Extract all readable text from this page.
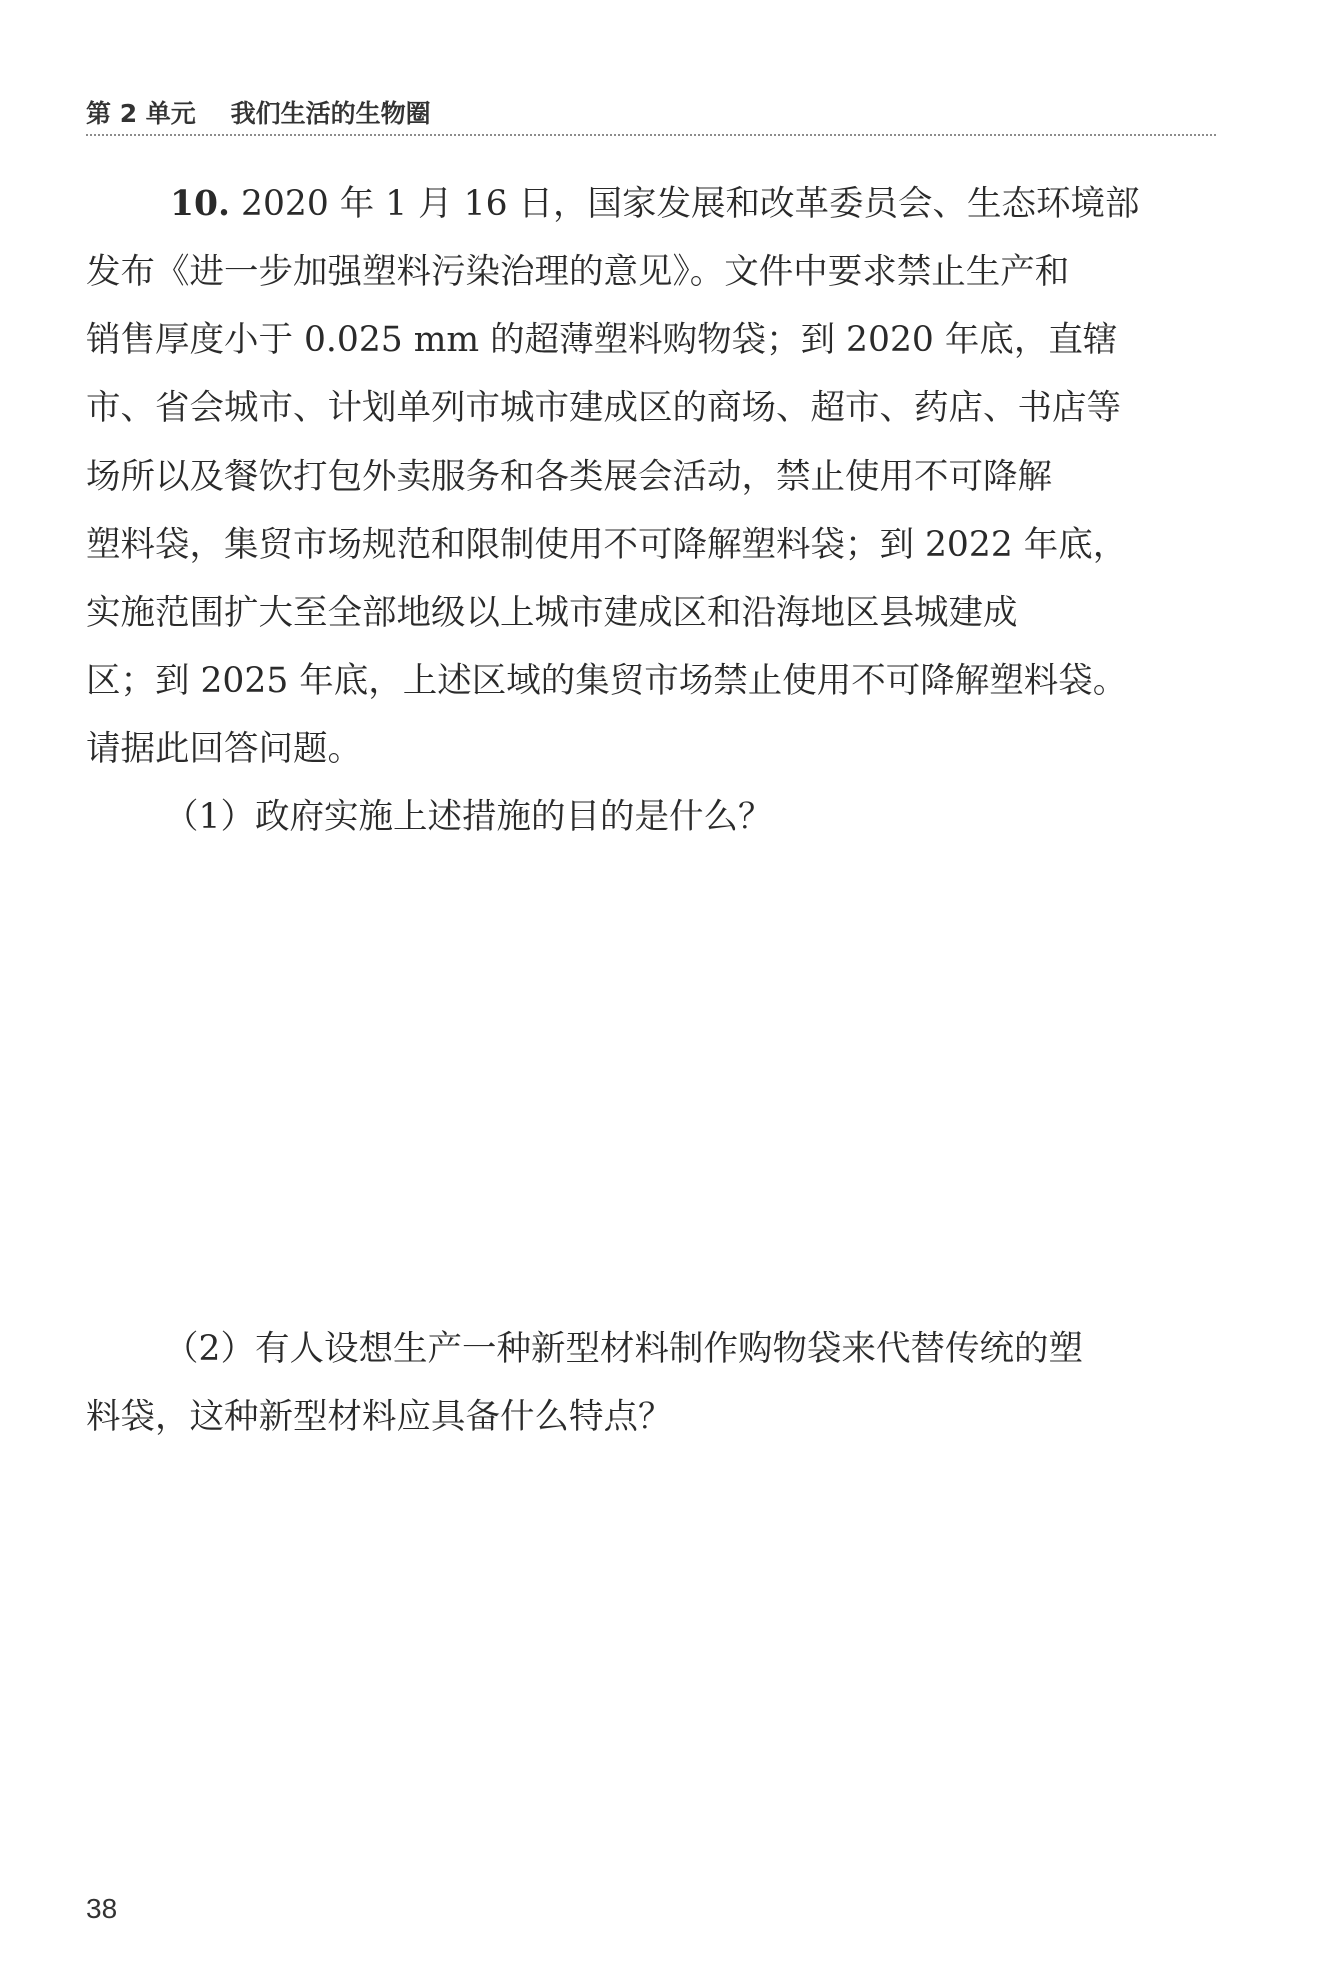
第 2 单元 我们生活的生物圈
10. 2020 年 1 月 16 日，国家发展和改革委员会、生态环境部
发布《进一步加强塑料污染治理的意见》。文件中要求禁止生产和
销售厚度小于 0.025 mm 的超薄塑料购物袋；到 2020 年底，直辖
市、省会城市、计划单列市城市建成区的商场、超市、药店、书店等
场所以及餐饮打包外卖服务和各类展会活动，禁止使用不可降解
塑料袋，集贸市场规范和限制使用不可降解塑料袋；到 2022 年底，
实施范围扩大至全部地级以上城市建成区和沿海地区县城建成
区；到 2025 年底，上述区域的集贸市场禁止使用不可降解塑料袋。
请据此回答问题。
（1）政府实施上述措施的目的是什么？
（2）有人设想生产一种新型材料制作购物袋来代替传统的塑
料袋，这种新型材料应具备什么特点？
38
